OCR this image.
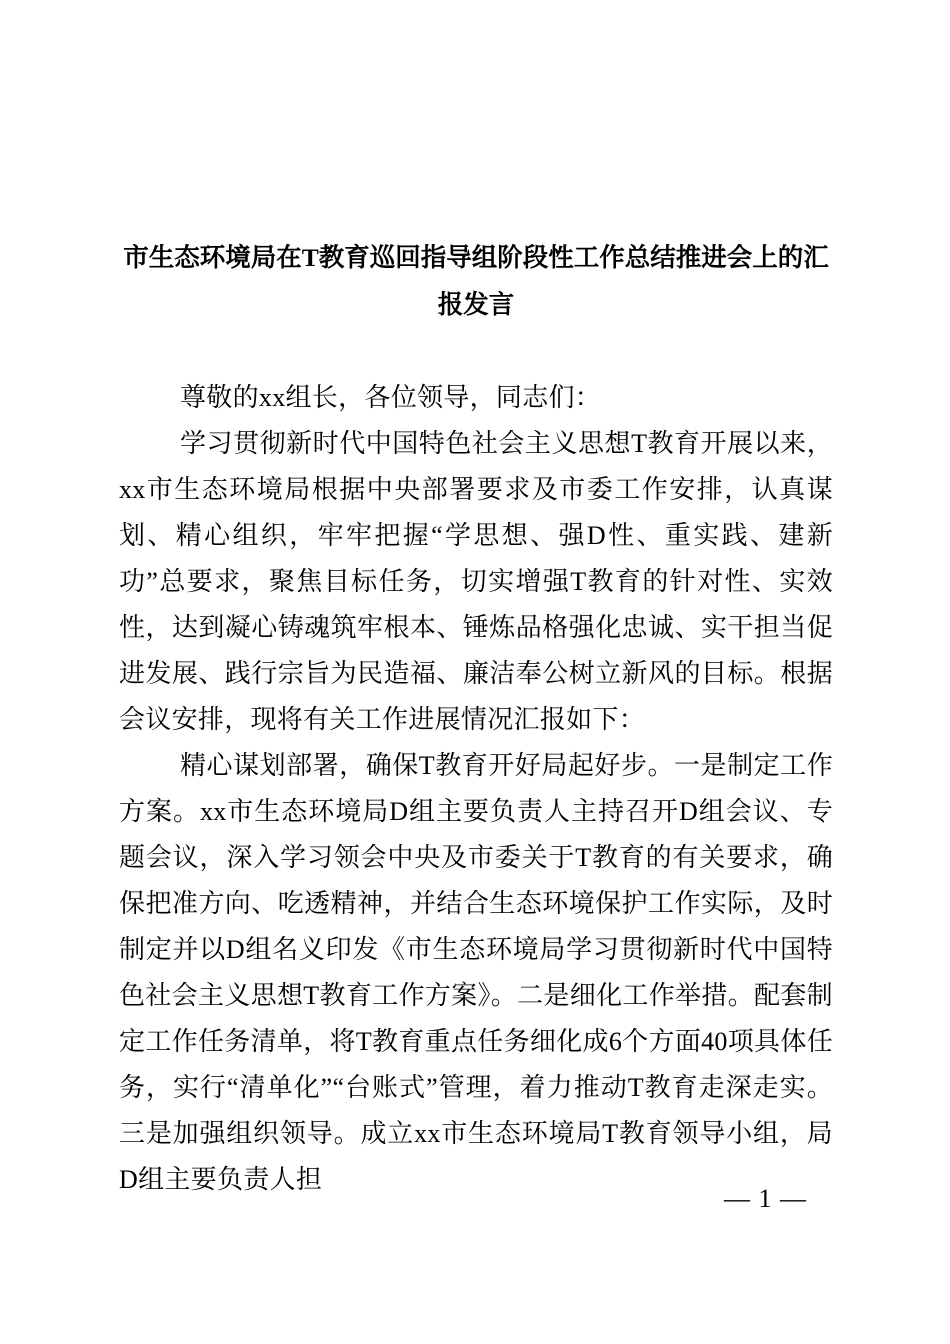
市生态环境局在T教育巡回指导组阶段性工作总结推进会上的汇报发言

尊敬的xx组长，各位领导，同志们：

学习贯彻新时代中国特色社会主义思想T教育开展以来，xx市生态环境局根据中央部署要求及市委工作安排，认真谋划、精心组织，牢牢把握“学思想、强D性、重实践、建新功”总要求，聚焦目标任务，切实增强T教育的针对性、实效性，达到凝心铸魂筑牢根本、锤炼品格强化忠诚、实干担当促进发展、践行宗旨为民造福、廉洁奉公树立新风的目标。根据会议安排，现将有关工作进展情况汇报如下：

精心谋划部署，确保T教育开好局起好步。一是制定工作方案。xx市生态环境局D组主要负责人主持召开D组会议、专题会议，深入学习领会中央及市委关于T教育的有关要求，确保把准方向、吃透精神，并结合生态环境保护工作实际，及时制定并以D组名义印发《市生态环境局学习贯彻新时代中国特色社会主义思想T教育工作方案》。二是细化工作举措。配套制定工作任务清单，将T教育重点任务细化成6个方面40项具体任务，实行“清单化”“台账式”管理，着力推动T教育走深走实。三是加强组织领导。成立xx市生态环境局T教育领导小组，局D组主要负责人担

— 1 —
